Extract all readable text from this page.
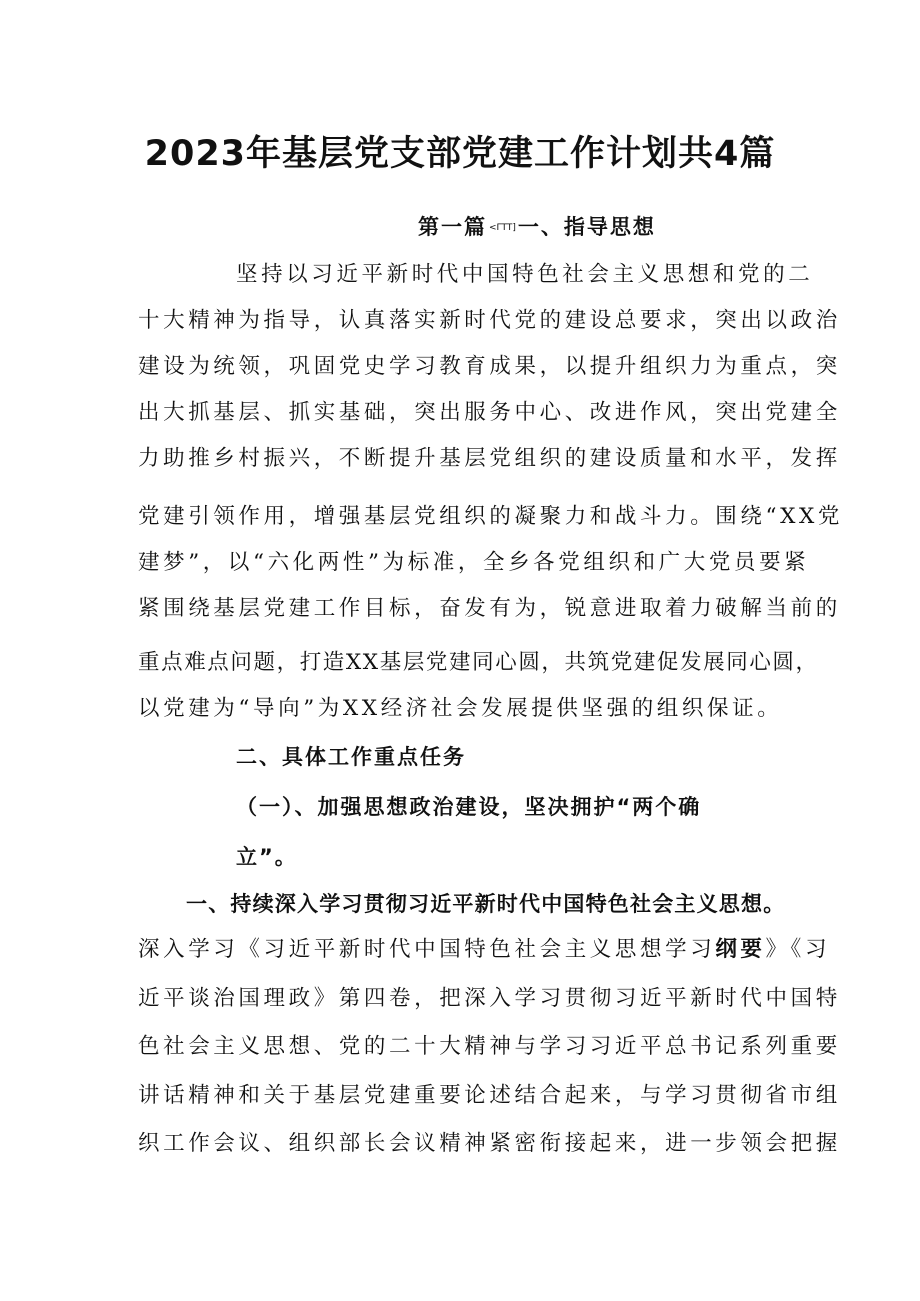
2023年基层党支部党建工作计划共4篇
第一篇 <ΓTT]一、指导思想

坚持以习近平新时代中国特色社会主义思想和党的二

十大精神为指导，认真落实新时代党的建设总要求，突出以政治

建设为统领，巩固党史学习教育成果，以提升组织力为重点，突

出大抓基层、抓实基础，突出服务中心、改进作风，突出党建全

力助推乡村振兴，不断提升基层党组织的建设质量和水平，发挥

党建引领作用，增强基层党组织的凝聚力和战斗力。围绕“XX党

建梦”，以“六化两性”为标准，全乡各党组织和广大党员要紧

紧围绕基层党建工作目标，奋发有为，锐意进取着力破解当前的

重点难点问题，打造XX基层党建同心圆，共筑党建促发展同心圆，

以党建为“导向”为XX经济社会发展提供坚强的组织保证。

二、具体工作重点任务

（一）、加强思想政治建设，坚决拥护“两个确

立”。

一、持续深入学习贯彻习近平新时代中国特色社会主义思想。

深入学习《习近平新时代中国特色社会主义思想学习纲要》《习

近平谈治国理政》第四卷，把深入学习贯彻习近平新时代中国特

色社会主义思想、党的二十大精神与学习习近平总书记系列重要

讲话精神和关于基层党建重要论述结合起来，与学习贯彻省市组

织工作会议、组织部长会议精神紧密衔接起来，进一步领会把握
